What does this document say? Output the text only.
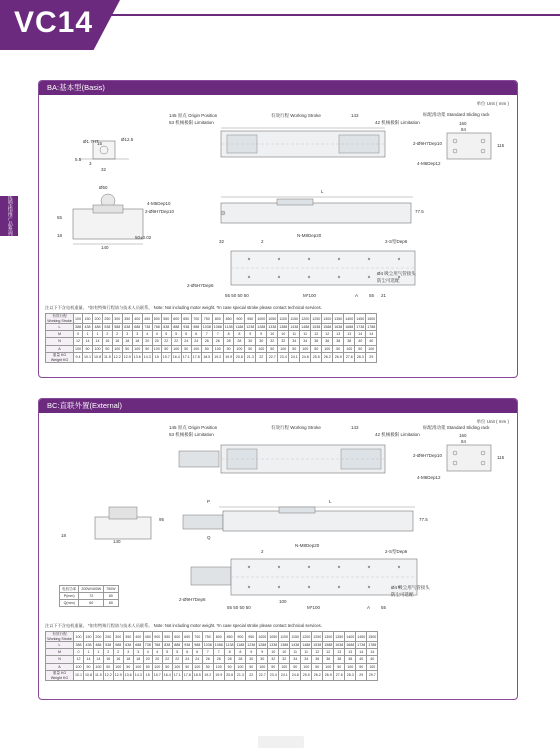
VC14
选型指南
产品系列
BA:基本型(Basis)
单位 Unit ( mm )
145 原点 Origin Position
53 机械极限 Limitation
有效行程 Working Stroke	143
42 机械极限 Limitation
标配滑动架 Standard Sliding rack
160
84
115
2-Ø9H7Dep10
4-M6Dep12
Ø1.7H7	Ø12.5
15
32
3
5.5
Ø50
4-M5Dep10
2-Ø9H7Dep10
55
18
140
50±0.02
L
77.5
N-M8Dep20
32	2	2-S型Dep6
2-Ø5H7Dep6
Ø4 吸尘用气管接头
防尘可选配
55 50 50 50	M*100	A 55 21
注以下不含电机重量。 *如有特殊行程请与技术人员联系。 Note: Not including motor weight. *In case special stroke please contact technical services.
有效行程 Working Stroke	100	150	200	250	300	350	400	450	500	550	600	650	700	750	800	850	900	950	1000	1050	1100	1150	1200	1250	1300	1350	1400	1450	1500
L	388	438	488	538	588	638	688	738	788	838	888	938	988	1038	1088	1138	1188	1238	1288	1338	1388	1438	1488	1538	1588	1638	1688	1738	1788
M	0	1	1	2	2	3	3	4	4	5	5	6	6	7	7	8	8	9	9	10	10	11	11	12	12	13	13	14	14
N	12	14	14	16	16	18	18	20	20	22	22	24	24	26	26	28	28	30	30	32	32	34	34	36	36	38	38	40	40
A	100	50	100	50	100	50	100	50	100	50	100	50	100	50	100	50	100	50	100	50	100	50	100	50	100	50	100	50	100
重量 KG Weight KG	9.4	10.1	10.8	11.5	12.2	12.9	13.6	14.3	15	15.7	16.4	17.1	17.8	18.5	19.2	19.9	20.6	21.3	22	22.7	23.4	24.1	24.8	25.5	26.2	26.9	27.6	28.3	29
BC:直联外置(External)
单位 Unit ( mm )
145 原点 Origin Position
53 机械极限 Limitation
有效行程 Working Stroke	143
42 机械极限 Limitation
标配滑动架 Standard Sliding rack
160
84
115
2-Ø9H7Dep10
4-M6Dep12
95
18
140
P	L
Q
77.5
电机功率	200W/400W	750W
P(mm)	72	80
Q(mm)	60	80
N-M8Dep20
2	2-S型Dep6
2-Ø9H7Dep6
Ø4 吸尘用气管接头
防尘可选配
55 50 50 50
100
M*100	A 55
注以下不含电机重量。 *如有特殊行程请与技术人员联系。 Note: Not including motor weight. *In case special stroke please contact technical services.
有效行程 Working Stroke	100	150	200	250	300	350	400	450	500	550	600	650	700	750	800	850	900	950	1000	1050	1100	1150	1200	1250	1300	1350	1400	1450	1500
L	388	438	488	538	588	638	688	738	788	838	888	938	988	1038	1088	1138	1188	1238	1288	1338	1388	1438	1488	1538	1588	1638	1688	1738	1788
M	0	1	1	2	2	3	3	4	4	5	5	6	6	7	7	8	8	9	9	10	10	11	11	12	12	13	13	14	14
N	12	14	14	16	16	18	18	20	20	22	22	24	24	26	26	28	28	30	30	32	32	34	34	36	36	38	38	40	40
A	100	50	100	50	100	50	100	50	100	50	100	50	100	50	100	50	100	50	100	50	100	50	100	50	100	50	100	50	100
重量 KG Weight KG	10.1	10.8	11.5	12.2	12.9	13.6	14.3	15	15.7	16.4	17.1	17.8	18.5	19.2	19.9	20.6	21.3	22	22.7	23.4	24.1	24.8	25.5	26.2	26.9	27.6	28.3	29	29.7
